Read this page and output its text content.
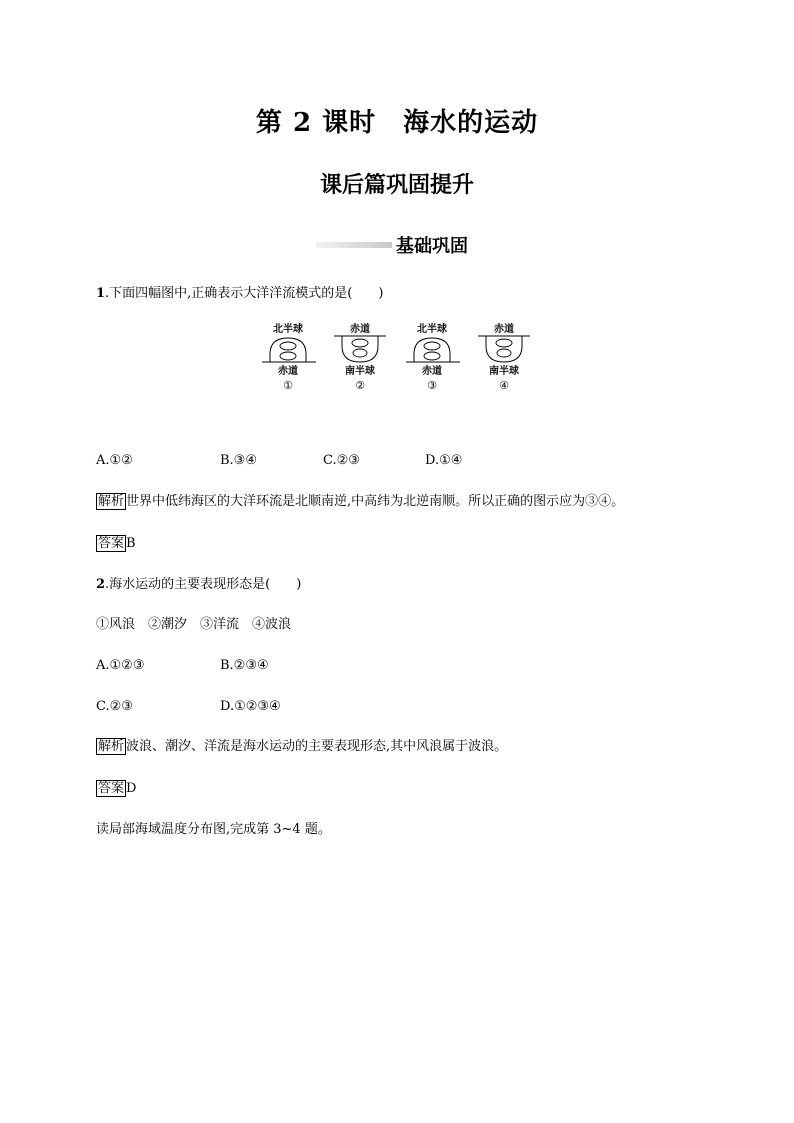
第 2 课时　海水的运动
课后篇巩固提升
基础巩固
1.下面四幅图中,正确表示大洋洋流模式的是(　　)
北半球
赤道
①
赤道
南半球
②
北半球
赤道
③
赤道
南半球
④
A.①②	B.③④	C.②③	D.①④
解析 世界中低纬海区的大洋环流是北顺南逆,中高纬为北逆南顺。所以正确的图示应为③④。
答案 B
2.海水运动的主要表现形态是(　　)
①风浪　②潮汐　③洋流　④波浪
A.①②③	B.②③④
C.②③	D.①②③④
解析 波浪、潮汐、洋流是海水运动的主要表现形态,其中风浪属于波浪。
答案 D
读局部海域温度分布图,完成第 3~4 题。
